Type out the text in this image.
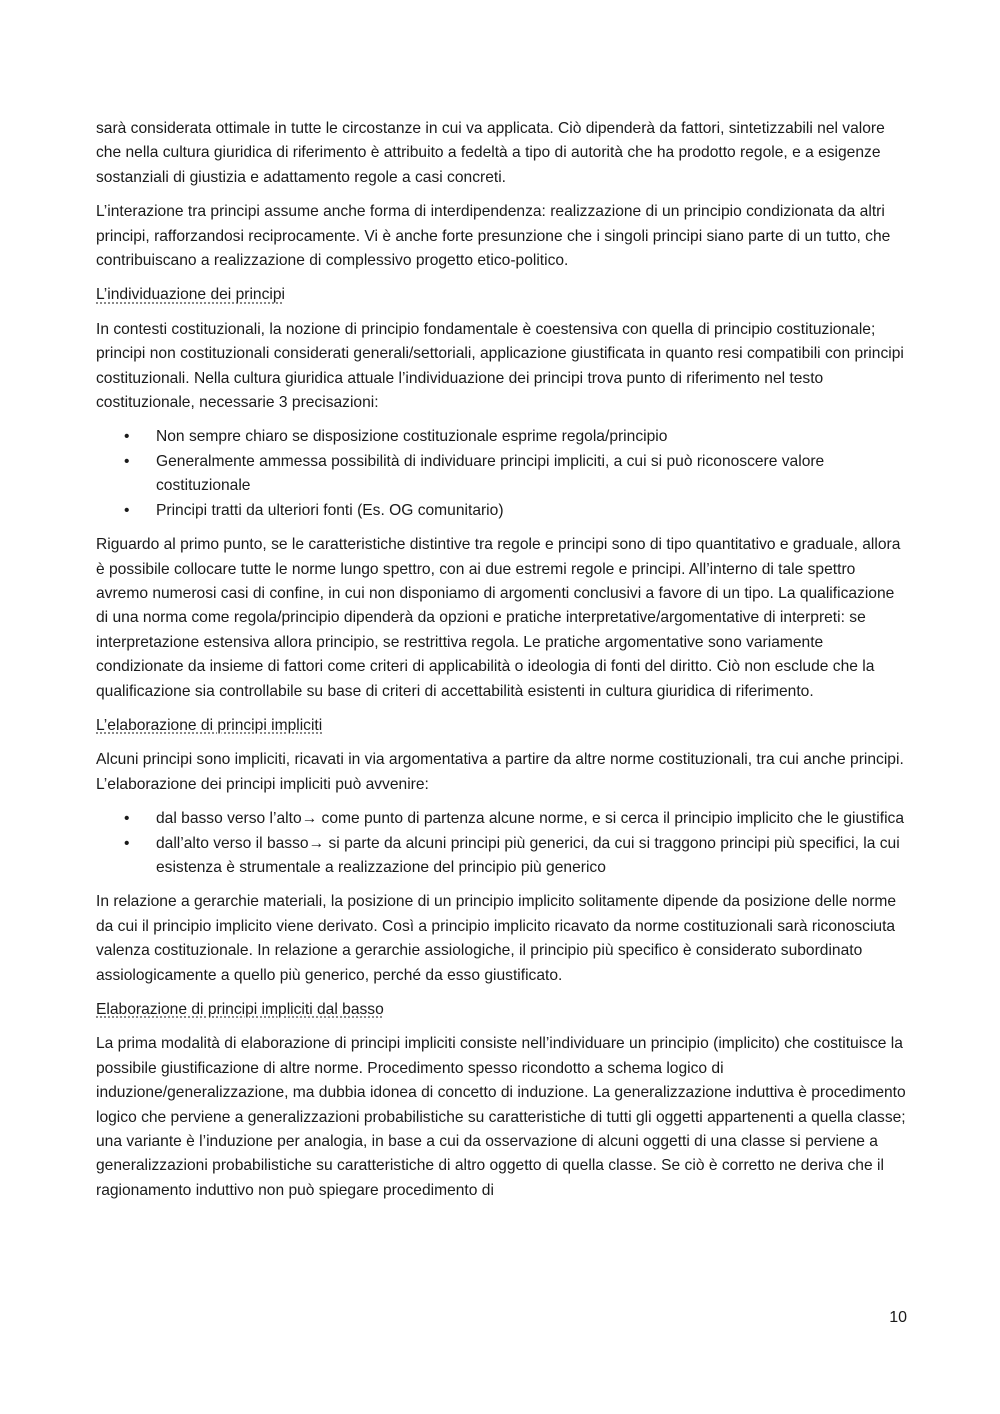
sarà considerata ottimale in tutte le circostanze in cui va applicata. Ciò dipenderà da fattori, sintetizzabili nel valore che nella cultura giuridica di riferimento è attribuito a fedeltà a tipo di autorità che ha prodotto regole, e a esigenze sostanziali di giustizia e adattamento regole a casi concreti.

L’interazione tra principi assume anche forma di interdipendenza: realizzazione di un principio condizionata da altri principi, rafforzandosi reciprocamente. Vi è anche forte presunzione che i singoli principi siano parte di un tutto, che contribuiscano a realizzazione di complessivo progetto etico-politico.

L’individuazione dei principi

In contesti costituzionali, la nozione di principio fondamentale è coestensiva con quella di principio costituzionale; principi non costituzionali considerati generali/settoriali, applicazione giustificata in quanto resi compatibili con principi costituzionali. Nella cultura giuridica attuale l’individuazione dei principi trova punto di riferimento nel testo costituzionale, necessarie 3 precisazioni:

• Non sempre chiaro se disposizione costituzionale esprime regola/principio
• Generalmente ammessa possibilità di individuare principi impliciti, a cui si può riconoscere valore costituzionale
• Principi tratti da ulteriori fonti (Es. OG comunitario)

Riguardo al primo punto, se le caratteristiche distintive tra regole e principi sono di tipo quantitativo e graduale, allora è possibile collocare tutte le norme lungo spettro, con ai due estremi regole e principi. All’interno di tale spettro avremo numerosi casi di confine, in cui non disponiamo di argomenti conclusivi a favore di un tipo. La qualificazione di una norma come regola/principio dipenderà da opzioni e pratiche interpretative/argomentative di interpreti: se interpretazione estensiva allora principio, se restrittiva regola. Le pratiche argomentative sono variamente condizionate da insieme di fattori come criteri di applicabilità o ideologia di fonti del diritto. Ciò non esclude che la qualificazione sia controllabile su base di criteri di accettabilità esistenti in cultura giuridica di riferimento.

L’elaborazione di principi impliciti

Alcuni principi sono impliciti, ricavati in via argomentativa a partire da altre norme costituzionali, tra cui anche principi. L’elaborazione dei principi impliciti può avvenire:

• dal basso verso l’alto→ come punto di partenza alcune norme, e si cerca il principio implicito che le giustifica
• dall’alto verso il basso→ si parte da alcuni principi più generici, da cui si traggono principi più specifici, la cui esistenza è strumentale a realizzazione del principio più generico

In relazione a gerarchie materiali, la posizione di un principio implicito solitamente dipende da posizione delle norme da cui il principio implicito viene derivato. Così a principio implicito ricavato da norme costituzionali sarà riconosciuta valenza costituzionale. In relazione a gerarchie assiologiche, il principio più specifico è considerato subordinato assiologicamente a quello più generico, perché da esso giustificato.

Elaborazione di principi impliciti dal basso

La prima modalità di elaborazione di principi impliciti consiste nell’individuare un principio (implicito) che costituisce la possibile giustificazione di altre norme. Procedimento spesso ricondotto a schema logico di induzione/generalizzazione, ma dubbia idonea di concetto di induzione. La generalizzazione induttiva è procedimento logico che perviene a generalizzazioni probabilistiche su caratteristiche di tutti gli oggetti appartenenti a quella classe; una variante è l’induzione per analogia, in base a cui da osservazione di alcuni oggetti di una classe si perviene a generalizzazioni probabilistiche su caratteristiche di altro oggetto di quella classe. Se ciò è corretto ne deriva che il ragionamento induttivo non può spiegare procedimento di

10
